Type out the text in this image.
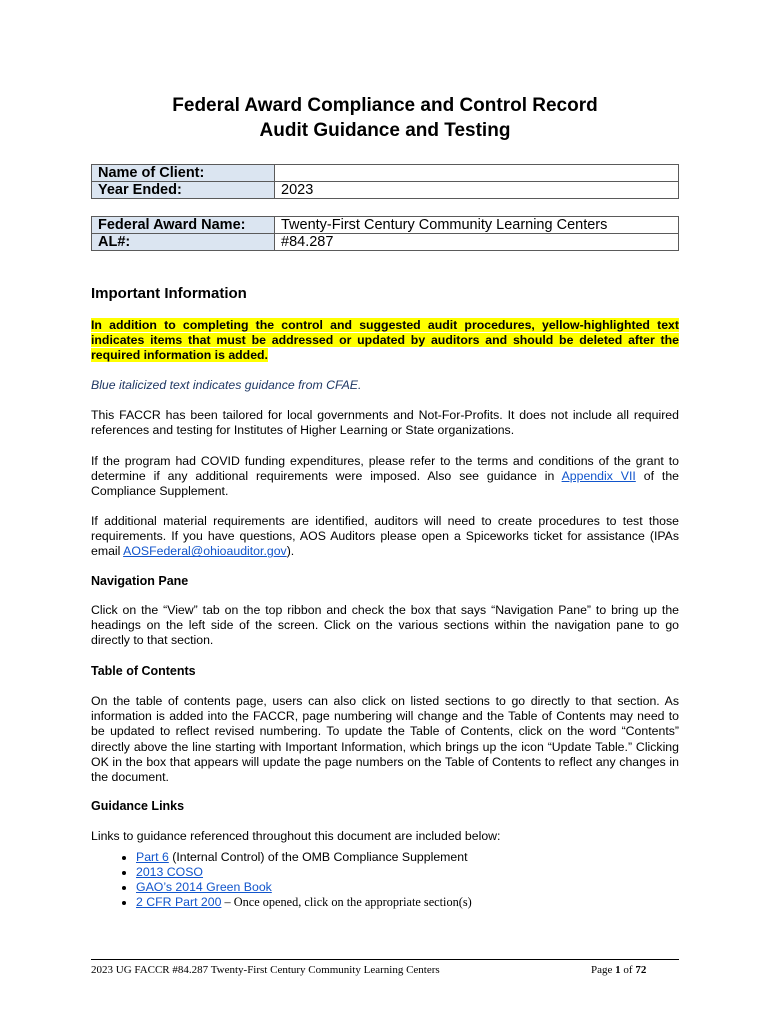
Federal Award Compliance and Control Record
Audit Guidance and Testing
Name of Client:	
Year Ended:	2023
Federal Award Name:	Twenty-First Century Community Learning Centers
AL#:	#84.287
Important Information
In addition to completing the control and suggested audit procedures, yellow-highlighted text indicates items that must be addressed or updated by auditors and should be deleted after the required information is added.
Blue italicized text indicates guidance from CFAE.
This FACCR has been tailored for local governments and Not-For-Profits. It does not include all required references and testing for Institutes of Higher Learning or State organizations.
If the program had COVID funding expenditures, please refer to the terms and conditions of the grant to determine if any additional requirements were imposed. Also see guidance in Appendix VII of the Compliance Supplement.
If additional material requirements are identified, auditors will need to create procedures to test those requirements. If you have questions, AOS Auditors please open a Spiceworks ticket for assistance (IPAs email AOSFederal@ohioauditor.gov).
Navigation Pane
Click on the “View” tab on the top ribbon and check the box that says “Navigation Pane” to bring up the headings on the left side of the screen. Click on the various sections within the navigation pane to go directly to that section.
Table of Contents
On the table of contents page, users can also click on listed sections to go directly to that section. As information is added into the FACCR, page numbering will change and the Table of Contents may need to be updated to reflect revised numbering. To update the Table of Contents, click on the word “Contents” directly above the line starting with Important Information, which brings up the icon “Update Table.” Clicking OK in the box that appears will update the page numbers on the Table of Contents to reflect any changes in the document.
Guidance Links
Links to guidance referenced throughout this document are included below:
• Part 6 (Internal Control) of the OMB Compliance Supplement
• 2013 COSO
• GAO’s 2014 Green Book
• 2 CFR Part 200 – Once opened, click on the appropriate section(s)
2023 UG FACCR #84.287 Twenty-First Century Community Learning Centers	Page 1 of 72
